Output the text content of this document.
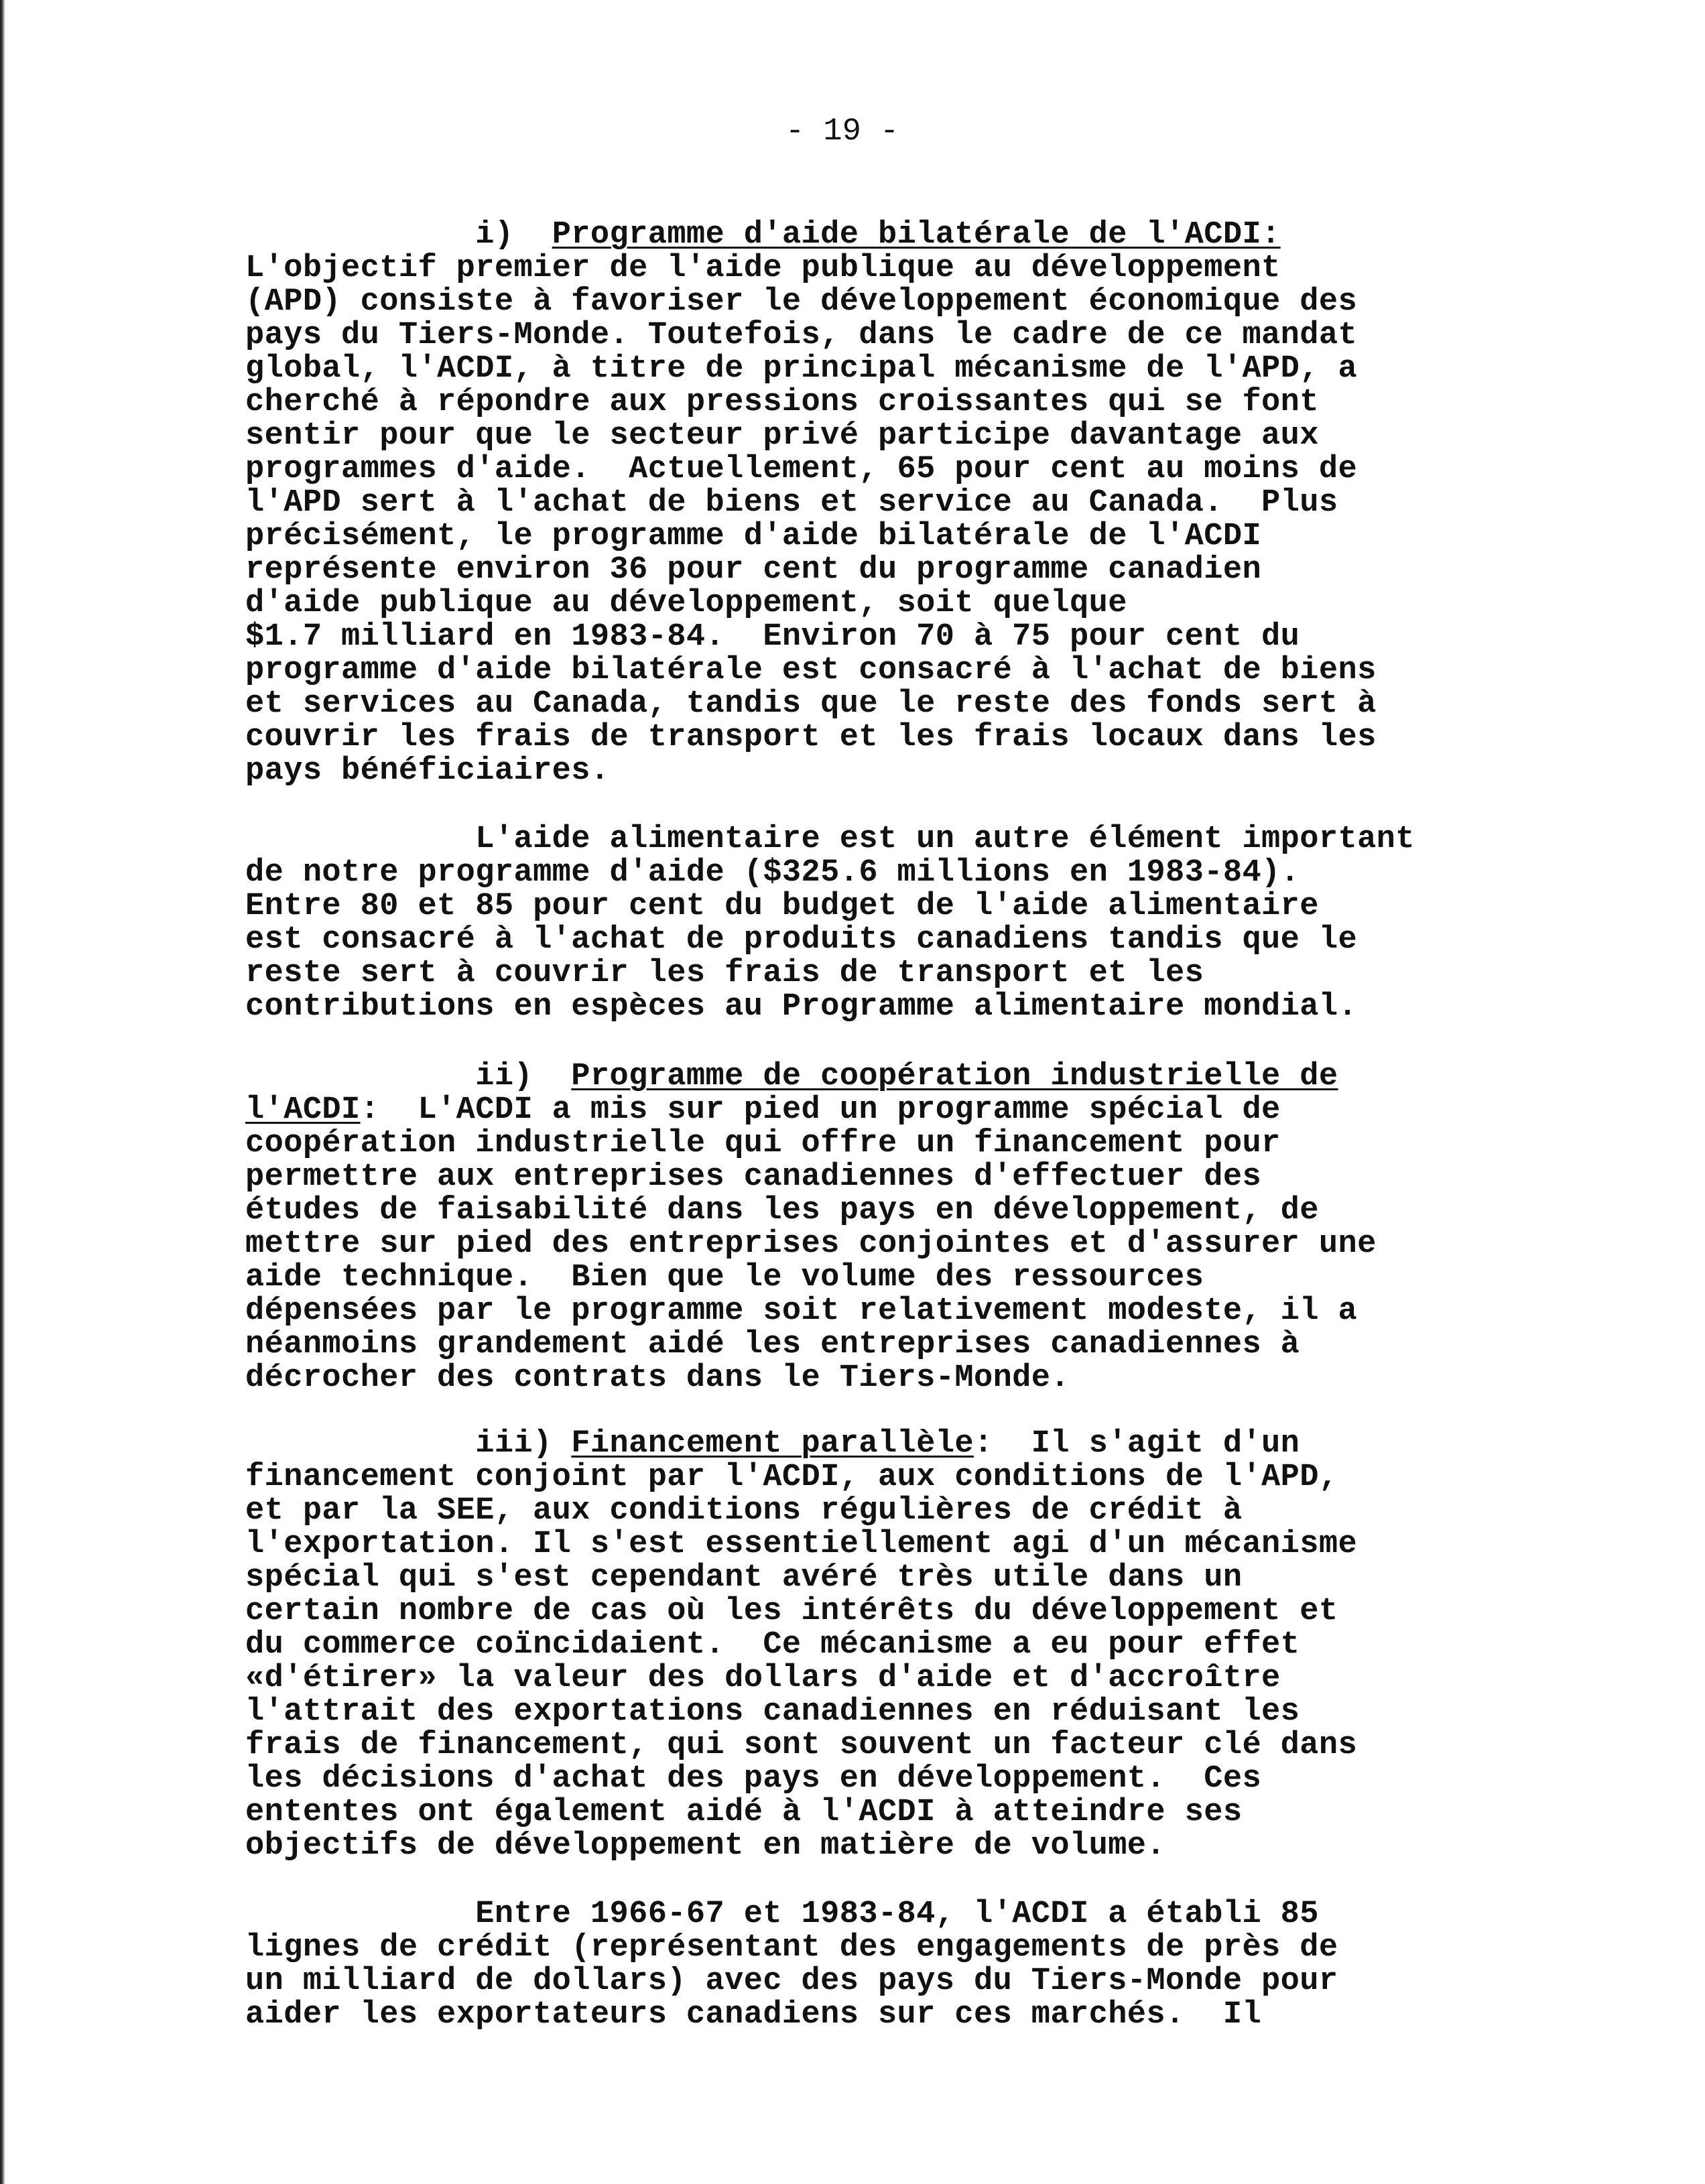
- 19 -

i)  Programme d'aide bilatérale de l'ACDI:
L'objectif premier de l'aide publique au développement
(APD) consiste à favoriser le développement économique des
pays du Tiers-Monde. Toutefois, dans le cadre de ce mandat
global, l'ACDI, à titre de principal mécanisme de l'APD, a
cherché à répondre aux pressions croissantes qui se font
sentir pour que le secteur privé participe davantage aux
programmes d'aide.  Actuellement, 65 pour cent au moins de
l'APD sert à l'achat de biens et service au Canada.  Plus
précisément, le programme d'aide bilatérale de l'ACDI
représente environ 36 pour cent du programme canadien
d'aide publique au développement, soit quelque
$1.7 milliard en 1983-84.  Environ 70 à 75 pour cent du
programme d'aide bilatérale est consacré à l'achat de biens
et services au Canada, tandis que le reste des fonds sert à
couvrir les frais de transport et les frais locaux dans les
pays bénéficiaires.

L'aide alimentaire est un autre élément important
de notre programme d'aide ($325.6 millions en 1983-84).
Entre 80 et 85 pour cent du budget de l'aide alimentaire
est consacré à l'achat de produits canadiens tandis que le
reste sert à couvrir les frais de transport et les
contributions en espèces au Programme alimentaire mondial.

ii)  Programme de coopération industrielle de
l'ACDI:  L'ACDI a mis sur pied un programme spécial de
coopération industrielle qui offre un financement pour
permettre aux entreprises canadiennes d'effectuer des
études de faisabilité dans les pays en développement, de
mettre sur pied des entreprises conjointes et d'assurer une
aide technique.  Bien que le volume des ressources
dépensées par le programme soit relativement modeste, il a
néanmoins grandement aidé les entreprises canadiennes à
décrocher des contrats dans le Tiers-Monde.

iii) Financement parallèle:  Il s'agit d'un
financement conjoint par l'ACDI, aux conditions de l'APD,
et par la SEE, aux conditions régulières de crédit à
l'exportation. Il s'est essentiellement agi d'un mécanisme
spécial qui s'est cependant avéré très utile dans un
certain nombre de cas où les intérêts du développement et
du commerce coïncidaient.  Ce mécanisme a eu pour effet
«d'étirer» la valeur des dollars d'aide et d'accroître
l'attrait des exportations canadiennes en réduisant les
frais de financement, qui sont souvent un facteur clé dans
les décisions d'achat des pays en développement.  Ces
ententes ont également aidé à l'ACDI à atteindre ses
objectifs de développement en matière de volume.

Entre 1966-67 et 1983-84, l'ACDI a établi 85
lignes de crédit (représentant des engagements de près de
un milliard de dollars) avec des pays du Tiers-Monde pour
aider les exportateurs canadiens sur ces marchés.  Il
